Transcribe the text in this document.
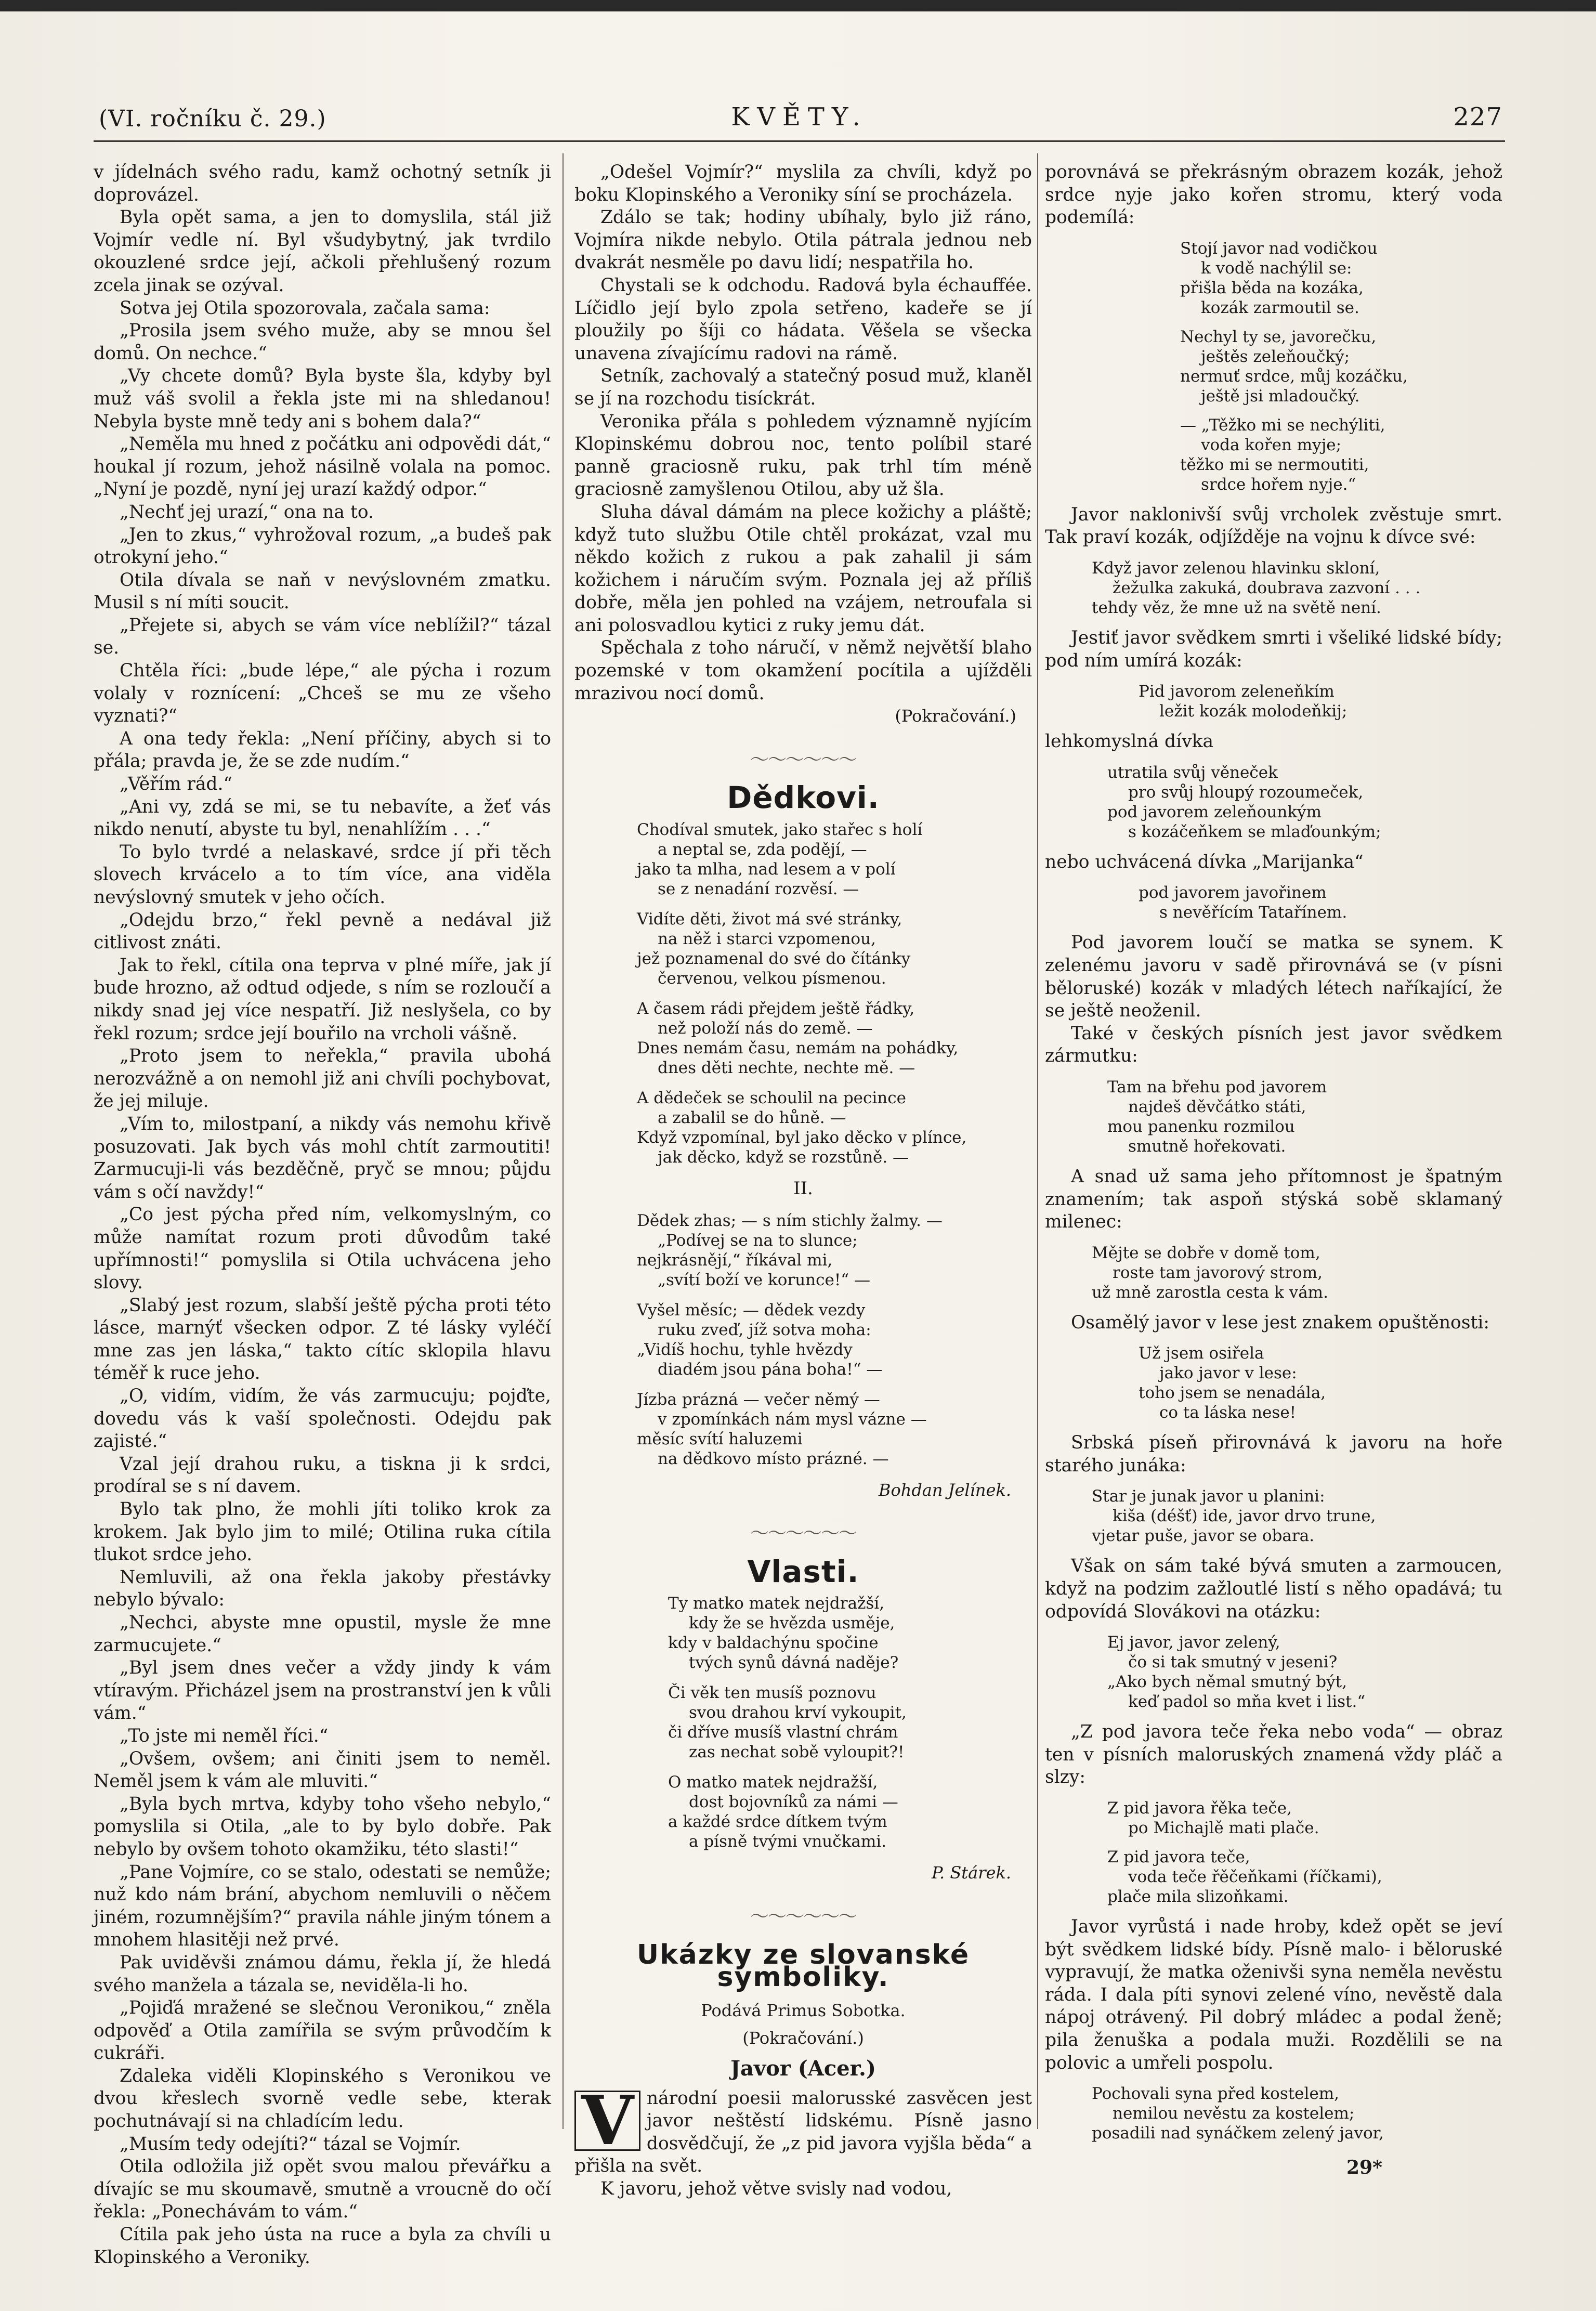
(VI. ročníku č. 29.)	KVĚTY.	227

v jídelnách svého radu, kamž ochotný setník ji doprovázel.

Byla opět sama, a jen to domyslila, stál již Vojmír vedle ní. Byl všudybytný, jak tvrdilo okouzlené srdce její, ačkoli přehlušený rozum zcela jinak se ozýval.

Sotva jej Otila spozorovala, začala sama:

„Prosila jsem svého muže, aby se mnou šel domů. On nechce.“

„Vy chcete domů? Byla byste šla, kdyby byl muž váš svolil a řekla jste mi na shledanou! Nebyla byste mně tedy ani s bohem dala?“

„Neměla mu hned z počátku ani odpovědi dát,“ houkal jí rozum, jehož násilně volala na pomoc. „Nyní je pozdě, nyní jej urazí každý odpor.“

„Nechť jej urazí,“ ona na to.

„Jen to zkus,“ vyhrožoval rozum, „a budeš pak otrokyní jeho.“

Otila dívala se naň v nevýslovném zmatku. Musil s ní míti soucit.

„Přejete si, abych se vám více neblížil?“ tázal se.

Chtěla říci: „bude lépe,“ ale pýcha i rozum volaly v roznícení: „Chceš se mu ze všeho vyznati?“

A ona tedy řekla: „Není příčiny, abych si to přála; pravda je, že se zde nudím.“

„Věřím rád.“

„Ani vy, zdá se mi, se tu nebavíte, a žeť vás nikdo nenutí, abyste tu byl, nenahlížím . . .“

To bylo tvrdé a nelaskavé, srdce jí při těch slovech krvácelo a to tím více, ana viděla nevýslovný smutek v jeho očích.

„Odejdu brzo,“ řekl pevně a nedával již citlivost znáti.

Jak to řekl, cítila ona teprva v plné míře, jak jí bude hrozno, až odtud odjede, s ním se rozloučí a nikdy snad jej více nespatří. Již neslyšela, co by řekl rozum; srdce její bouřilo na vrcholi vášně.

„Proto jsem to neřekla,“ pravila ubohá nerozvážně a on nemohl již ani chvíli pochybovat, že jej miluje.

„Vím to, milostpaní, a nikdy vás nemohu křivě posuzovati. Jak bych vás mohl chtít zarmoutiti! Zarmucuji-li vás bezděčně, pryč se mnou; půjdu vám s očí navždy!“

„Co jest pýcha před ním, velkomyslným, co může namítat rozum proti důvodům také upřímnosti!“ pomyslila si Otila uchvácena jeho slovy.

„Slabý jest rozum, slabší ještě pýcha proti této lásce, marnýť všecken odpor. Z té lásky vyléčí mne zas jen láska,“ takto cítíc sklopila hlavu téměř k ruce jeho.

„O, vidím, vidím, že vás zarmucuju; pojďte, dovedu vás k vaší společnosti. Odejdu pak zajisté.“

Vzal její drahou ruku, a tiskna ji k srdci, prodíral se s ní davem.

Bylo tak plno, že mohli jíti toliko krok za krokem. Jak bylo jim to milé; Otilina ruka cítila tlukot srdce jeho.

Nemluvili, až ona řekla jakoby přestávky nebylo bývalo:

„Nechci, abyste mne opustil, mysle že mne zarmucujete.“

„Byl jsem dnes večer a vždy jindy k vám vtíravým. Přicházel jsem na prostranství jen k vůli vám.“

„To jste mi neměl říci.“

„Ovšem, ovšem; ani činiti jsem to neměl. Neměl jsem k vám ale mluviti.“

„Byla bych mrtva, kdyby toho všeho nebylo,“ pomyslila si Otila, „ale to by bylo dobře. Pak nebylo by ovšem tohoto okamžiku, této slasti!“

„Pane Vojmíre, co se stalo, odestati se nemůže; nuž kdo nám brání, abychom nemluvili o něčem jiném, rozumnějším?“ pravila náhle jiným tónem a mnohem hlasitěji než prvé.

Pak uviděvši známou dámu, řekla jí, že hledá svého manžela a tázala se, neviděla-li ho.

„Pojiďá mražené se slečnou Veronikou,“ zněla odpověď a Otila zamířila se svým průvodčím k cukráři.

Zdaleka viděli Klopinského s Veronikou ve dvou křeslech svorně vedle sebe, kterak pochutnávají si na chladícím ledu.

„Musím tedy odejíti?“ tázal se Vojmír.

Otila odložila již opět svou malou převářku a dívajíc se mu skoumavě, smutně a vroucně do očí řekla: „Ponechávám to vám.“

Cítila pak jeho ústa na ruce a byla za chvíli u Klopinského a Veroniky.

„Odešel Vojmír?“ myslila za chvíli, když po boku Klopinského a Veroniky síní se procházela.

Zdálo se tak; hodiny ubíhaly, bylo již ráno, Vojmíra nikde nebylo. Otila pátrala jednou neb dvakrát nesměle po davu lidí; nespatřila ho.

Chystali se k odchodu. Radová byla échauffée. Líčidlo její bylo zpola setřeno, kadeře se jí ploužily po šíji co hádata. Věšela se všecka unavena zívajícímu radovi na rámě.

Setník, zachovalý a statečný posud muž, klaněl se jí na rozchodu tisíckrát.

Veronika přála s pohledem významně nyjícím Klopinskému dobrou noc, tento políbil staré panně graciosně ruku, pak trhl tím méně graciosně zamyšlenou Otilou, aby už šla.

Sluha dával dámám na plece kožichy a pláště; když tuto službu Otile chtěl prokázat, vzal mu někdo kožich z rukou a pak zahalil ji sám kožichem i náručím svým. Poznala jej až příliš dobře, měla jen pohled na vzájem, netroufala si ani polosvadlou kytici z ruky jemu dát.

Spěchala z toho náručí, v němž největší blaho pozemské v tom okamžení pocítila a ujížděli mrazivou nocí domů.

(Pokračování.)
～～～～～～
Dědkovi.
Chodíval smutek, jako stařec s holí
a neptal se, zda podějí, —
jako ta mlha, nad lesem a v polí
se z nenadání rozvěsí. —
Vidíte děti, život má své stránky,
na něž i starci vzpomenou,
jež poznamenal do své do čítánky
červenou, velkou písmenou.
A časem rádi přejdem ještě řádky,
než položí nás do země. —
Dnes nemám času, nemám na pohádky,
dnes děti nechte, nechte mě. —
A dědeček se schoulil na pecince
a zabalil se do hůně. —
Když vzpomínal, byl jako děcko v plínce,
jak děcko, když se rozstůně. —
II.
Dědek zhas; — s ním stichly žalmy. —
„Podívej se na to slunce;
nejkrásnějí,“ říkával mi,
„svítí boží ve korunce!“ —
Vyšel měsíc; — dědek vezdy
ruku zveď, jíž sotva moha:
„Vidíš hochu, tyhle hvězdy
diadém jsou pána boha!“ —
Jízba prázná — večer němý —
v zpomínkách nám mysl vázne —
měsíc svítí haluzemi
na dědkovo místo prázné. —
Bohdan Jelínek.
～～～～～～
Vlasti.
Ty matko matek nejdražší,
kdy že se hvězda usměje,
kdy v baldachýnu spočine
tvých synů dávná naděje?
Či věk ten musíš poznovu
svou drahou krví vykoupit,
či dříve musíš vlastní chrám
zas nechat sobě vyloupit?!
O matko matek nejdražší,
dost bojovníků za námi —
a každé srdce dítkem tvým
a písně tvými vnučkami.
P. Stárek.
～～～～～～
Ukázky ze slovanské symboliky.
Podává Primus Sobotka.
(Pokračování.)
Javor (Acer.)

V národní poesii malorusské zasvěcen jest javor neštěstí lidskému. Písně jasno dosvědčují, že „z pid javora vyjšla běda“ a přišla na svět.

K javoru, jehož větve svisly nad vodou,

porovnává se překrásným obrazem kozák, jehož srdce nyje jako kořen stromu, který voda podemílá:

Stojí javor nad vodičkou
k vodě nachýlil se:
přišla běda na kozáka,
kozák zarmoutil se.
Nechyl ty se, javorečku,
ještěs zeleňoučký;
nermuť srdce, můj kozáčku,
ještě jsi mladoučký.
— „Těžko mi se nechýliti,
voda kořen myje;
těžko mi se nermoutiti,
srdce hořem nyje.“

Javor naklonivší svůj vrcholek zvěstuje smrt. Tak praví kozák, odjížděje na vojnu k dívce své:

Když javor zelenou hlavinku skloní,
žežulka zakuká, doubrava zazvoní . . .
tehdy věz, že mne už na světě není.

Jestiť javor svědkem smrti i všeliké lidské bídy; pod ním umírá kozák:

Pid javorom zeleneňkím
ležit kozák molodeňkij;

lehkomyslná dívka

utratila svůj věneček
pro svůj hloupý rozoumeček,
pod javorem zeleňounkým
s kozáčeňkem se mlaďounkým;

nebo uchvácená dívka „Marijanka“

pod javorem javořinem
s nevěřícím Tatařínem.

Pod javorem loučí se matka se synem. K zelenému javoru v sadě přirovnává se (v písni běloruské) kozák v mladých létech naříkající, že se ještě neoženil.

Také v českých písních jest javor svědkem zármutku:

Tam na břehu pod javorem
najdeš děvčátko státi,
mou panenku rozmilou
smutně hořekovati.

A snad už sama jeho přítomnost je špatným znamením; tak aspoň stýská sobě sklamaný milenec:

Mějte se dobře v domě tom,
roste tam javorový strom,
už mně zarostla cesta k vám.

Osamělý javor v lese jest znakem opuštěnosti:

Už jsem osiřela
jako javor v lese:
toho jsem se nenadála,
co ta láska nese!

Srbská píseň přirovnává k javoru na hoře starého junáka:

Star je junak javor u planini:
kiša (déšť) ide, javor drvo trune,
vjetar puše, javor se obara.

Však on sám také bývá smuten a zarmoucen, když na podzim zažloutlé listí s něho opadává; tu odpovídá Slovákovi na otázku:

Ej javor, javor zelený,
čo si tak smutný v jeseni?
„Ako bych němal smutný být,
keď padol so mňa kvet i list.“

„Z pod javora teče řeka nebo voda“ — obraz ten v písních maloruských znamená vždy pláč a slzy:

Z pid javora řěka teče,
po Michajlě mati plače.
Z pid javora teče,
voda teče řěčeňkami (říčkami),
plače mila slizoňkami.

Javor vyrůstá i nade hroby, kdež opět se jeví být svědkem lidské bídy. Písně malo- i běloruské vypravují, že matka oženivši syna neměla nevěstu ráda. I dala píti synovi zelené víno, nevěstě dala nápoj otrávený. Pil dobrý mládec a podal ženě; pila ženuška a podala muži. Rozdělili se na polovic a umřeli pospolu.

Pochovali syna před kostelem,
nemilou nevěstu za kostelem;
posadili nad synáčkem zelený javor,
29*
